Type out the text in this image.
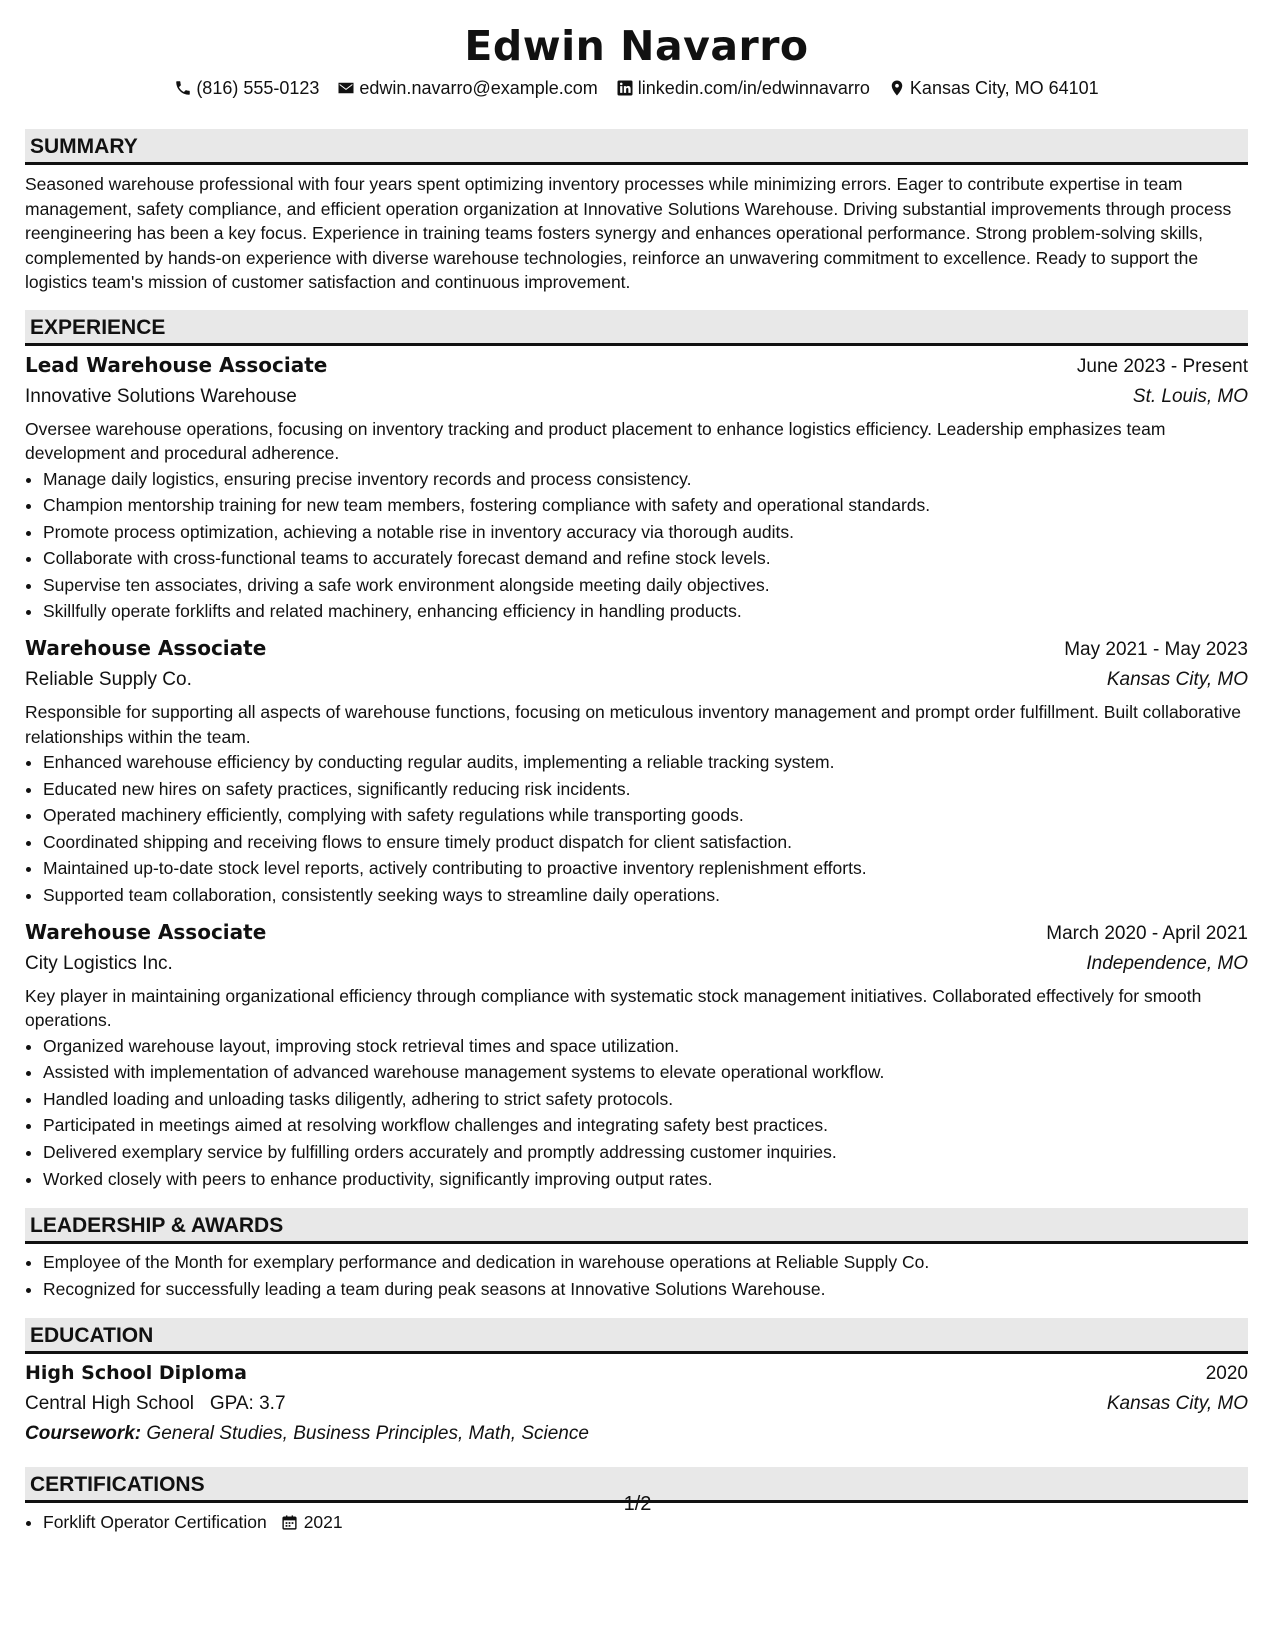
Edwin Navarro
(816) 555-0123 edwin.navarro@example.com linkedin.com/in/edwinnavarro Kansas City, MO 64101
SUMMARY

Seasoned warehouse professional with four years spent optimizing inventory processes while minimizing errors. Eager to contribute expertise in team management, safety compliance, and efficient operation organization at Innovative Solutions Warehouse. Driving substantial improvements through process reengineering has been a key focus. Experience in training teams fosters synergy and enhances operational performance. Strong problem-solving skills, complemented by hands-on experience with diverse warehouse technologies, reinforce an unwavering commitment to excellence. Ready to support the logistics team's mission of customer satisfaction and continuous improvement.

EXPERIENCE
Lead Warehouse Associate	June 2023 - Present
Innovative Solutions Warehouse	St. Louis, MO
Oversee warehouse operations, focusing on inventory tracking and product placement to enhance logistics efficiency. Leadership emphasizes team development and procedural adherence.
• Manage daily logistics, ensuring precise inventory records and process consistency.
• Champion mentorship training for new team members, fostering compliance with safety and operational standards.
• Promote process optimization, achieving a notable rise in inventory accuracy via thorough audits.
• Collaborate with cross-functional teams to accurately forecast demand and refine stock levels.
• Supervise ten associates, driving a safe work environment alongside meeting daily objectives.
• Skillfully operate forklifts and related machinery, enhancing efficiency in handling products.
Warehouse Associate	May 2021 - May 2023
Reliable Supply Co.	Kansas City, MO
Responsible for supporting all aspects of warehouse functions, focusing on meticulous inventory management and prompt order fulfillment. Built collaborative relationships within the team.
• Enhanced warehouse efficiency by conducting regular audits, implementing a reliable tracking system.
• Educated new hires on safety practices, significantly reducing risk incidents.
• Operated machinery efficiently, complying with safety regulations while transporting goods.
• Coordinated shipping and receiving flows to ensure timely product dispatch for client satisfaction.
• Maintained up-to-date stock level reports, actively contributing to proactive inventory replenishment efforts.
• Supported team collaboration, consistently seeking ways to streamline daily operations.
Warehouse Associate	March 2020 - April 2021
City Logistics Inc.	Independence, MO
Key player in maintaining organizational efficiency through compliance with systematic stock management initiatives. Collaborated effectively for smooth operations.
• Organized warehouse layout, improving stock retrieval times and space utilization.
• Assisted with implementation of advanced warehouse management systems to elevate operational workflow.
• Handled loading and unloading tasks diligently, adhering to strict safety protocols.
• Participated in meetings aimed at resolving workflow challenges and integrating safety best practices.
• Delivered exemplary service by fulfilling orders accurately and promptly addressing customer inquiries.
• Worked closely with peers to enhance productivity, significantly improving output rates.
LEADERSHIP & AWARDS
• Employee of the Month for exemplary performance and dedication in warehouse operations at Reliable Supply Co.
• Recognized for successfully leading a team during peak seasons at Innovative Solutions Warehouse.
EDUCATION
High School Diploma	2020
Central High School GPA: 3.7	Kansas City, MO
Coursework: General Studies, Business Principles, Math, Science
CERTIFICATIONS
• Forklift Operator Certification 2021
1/2
